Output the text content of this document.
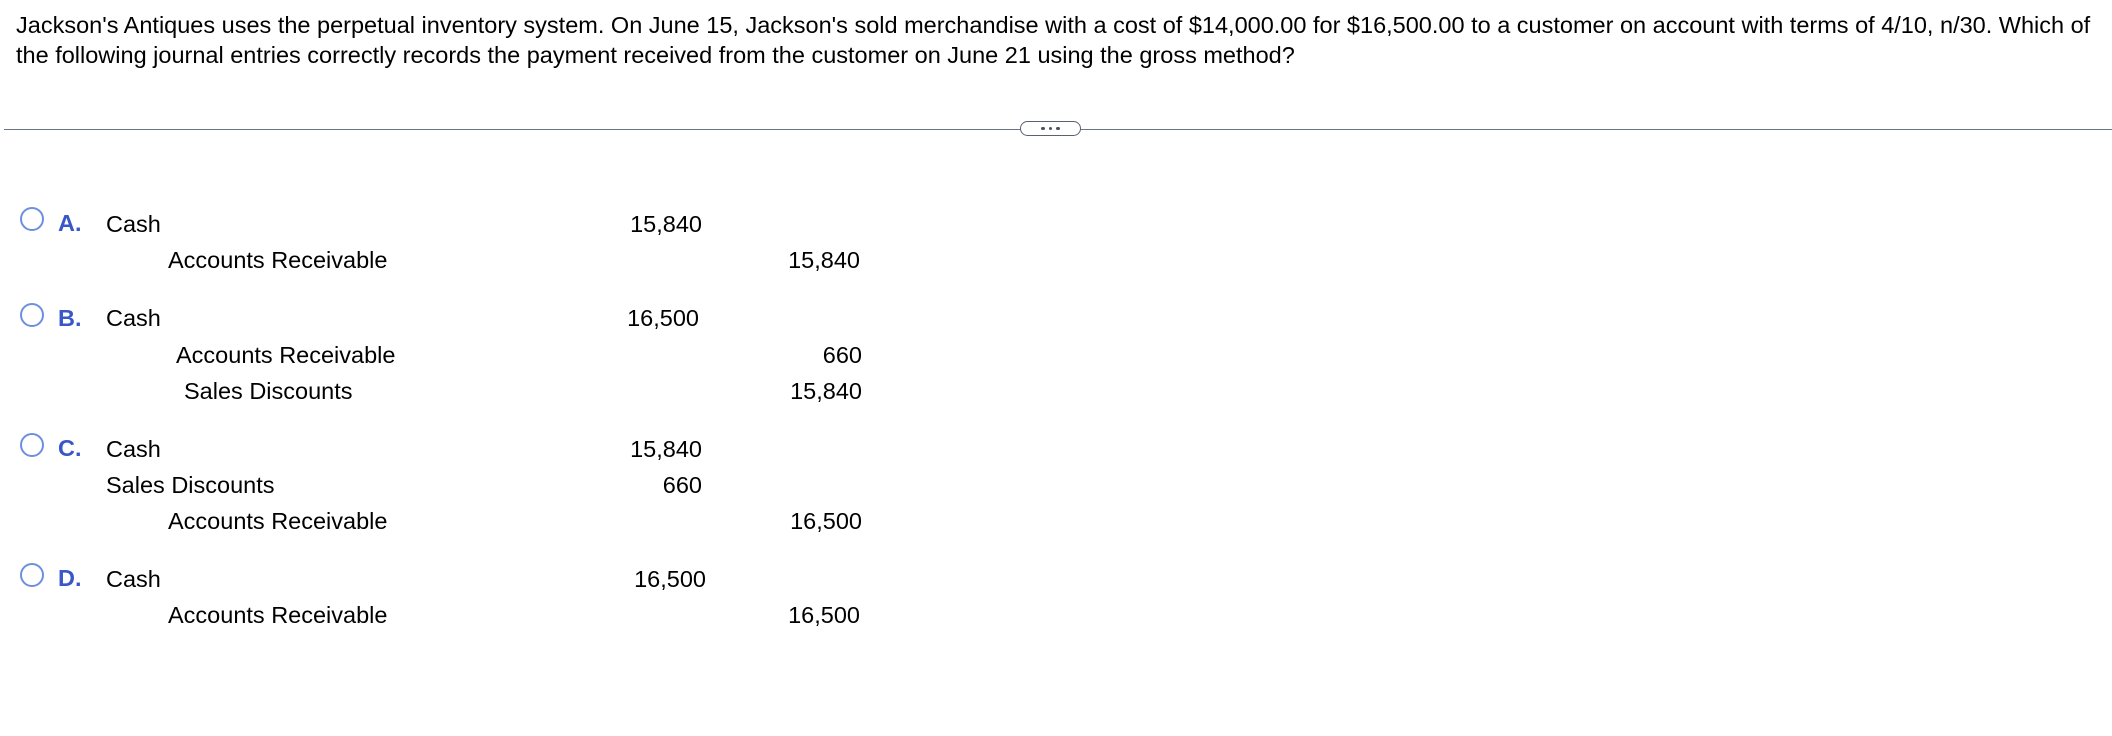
Jackson's Antiques uses the perpetual inventory system. On June 15, Jackson's sold merchandise with a cost of $14,000.00 for $16,500.00 to a customer on account with terms of 4/10, n/30. Which of the following journal entries correctly records the payment received from the customer on June 21 using the gross method?

A. Cash	15,840
Accounts Receivable	15,840
B. Cash	16,500
Accounts Receivable	660
Sales Discounts	15,840
C. Cash	15,840
Sales Discounts	660
Accounts Receivable	16,500
D. Cash	16,500
Accounts Receivable	16,500
